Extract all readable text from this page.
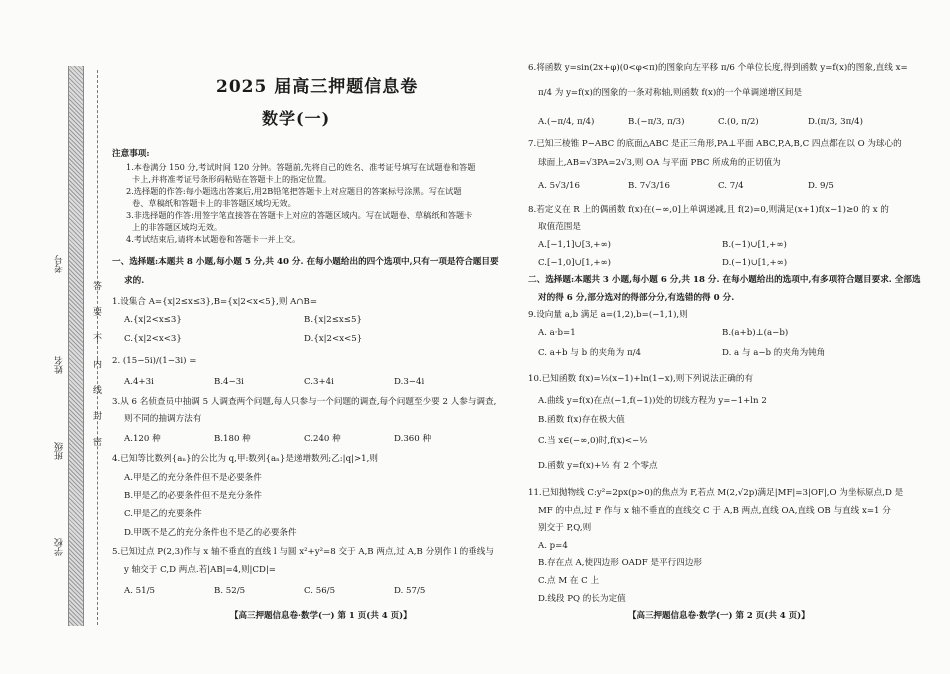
考号
姓名
班级
学校
答
要
不
内
线
封
密
2025 届高三押题信息卷
数学(一)
注意事项:
1.本卷满分 150 分,考试时间 120 分钟。答题前,先将自己的姓名、准考证号填写在试题卷和答题
卡上,并将准考证号条形码粘贴在答题卡上的指定位置。
2.选择题的作答:每小题选出答案后,用2B铅笔把答题卡上对应题目的答案标号涂黑。写在试题
卷、草稿纸和答题卡上的非答题区域均无效。
3.非选择题的作答:用签字笔直接答在答题卡上对应的答题区域内。写在试题卷、草稿纸和答题卡
上的非答题区域均无效。
4.考试结束后,请将本试题卷和答题卡一并上交。
一、选择题:本题共 8 小题,每小题 5 分,共 40 分. 在每小题给出的四个选项中,只有一项是符合题目要
求的.
1.设集合 A={x|2≤x≤3},B={x|2<x<5},则 A∩B=
A.{x|2<x≤3}	B.{x|2≤x≤5}
C.{x|2<x<3}	D.{x|2<x<5}
2. (15−5i)/(1−3i) =
A.4+3i	B.4−3i	C.3+4i	D.3−4i
3.从 6 名侦查员中抽调 5 人调查两个问题,每人只参与一个问题的调查,每个问题至少要 2 人参与调查,
则不同的抽调方法有
A.120 种	B.180 种	C.240 种	D.360 种
4.已知等比数列{aₙ}的公比为 q,甲:数列{aₙ}是递增数列;乙:|q|>1,则
A.甲是乙的充分条件但不是必要条件
B.甲是乙的必要条件但不是充分条件
C.甲是乙的充要条件
D.甲既不是乙的充分条件也不是乙的必要条件
5.已知过点 P(2,3)作与 x 轴不垂直的直线 l 与圆 x²+y²=8 交于 A,B 两点,过 A,B 分别作 l 的垂线与
y 轴交于 C,D 两点.若|AB|=4,则|CD|=
A. 51/5	B. 52/5	C. 56/5	D. 57/5
【高三押题信息卷·数学(一) 第 1 页(共 4 页)】
6.将函数 y=sin(2x+φ)(0<φ<π)的图象向左平移 π/6 个单位长度,得到函数 y=f(x)的图象,直线 x=
π/4 为 y=f(x)的图象的一条对称轴,则函数 f(x)的一个单调递增区间是
A.(−π/4, π/4)	B.(−π/3, π/3)	C.(0, π/2)	D.(π/3, 3π/4)
7.已知三棱锥 P−ABC 的底面△ABC 是正三角形,PA⊥平面 ABC,P,A,B,C 四点都在以 O 为球心的
球面上,AB=√3PA=2√3,则 OA 与平面 PBC 所成角的正切值为
A. 5√3/16	B. 7√3/16	C. 7/4	D. 9/5
8.若定义在 R 上的偶函数 f(x)在(−∞,0]上单调递减,且 f(2)=0,则满足(x+1)f(x−1)≥0 的 x 的
取值范围是
A.[−1,1]∪[3,+∞)	B.(−1)∪[1,+∞)
C.[−1,0]∪[1,+∞)	D.(−1)∪[1,+∞)
二、选择题:本题共 3 小题,每小题 6 分,共 18 分. 在每小题给出的选项中,有多项符合题目要求. 全部选
对的得 6 分,部分选对的得部分分,有选错的得 0 分.
9.设向量 a,b 满足 a=(1,2),b=(−1,1),则
A. a·b=1	B.(a+b)⊥(a−b)
C. a+b 与 b 的夹角为 π/4	D. a 与 a−b 的夹角为钝角
10.已知函数 f(x)=½(x−1)+ln(1−x),则下列说法正确的有
A.曲线 y=f(x)在点(−1,f(−1))处的切线方程为 y=−1+ln 2
B.函数 f(x)存在极大值
C.当 x∈(−∞,0)时,f(x)<−½
D.函数 y=f(x)+½ 有 2 个零点
11.已知抛物线 C:y²=2px(p>0)的焦点为 F,若点 M(2,√2p)满足|MF|=3|OF|,O 为坐标原点,D 是
MF 的中点,过 F 作与 x 轴不垂直的直线交 C 于 A,B 两点,直线 OA,直线 OB 与直线 x=1 分
别交于 P,Q,则
A. p=4
B.存在点 A,使四边形 OADF 是平行四边形
C.点 M 在 C 上
D.线段 PQ 的长为定值
【高三押题信息卷·数学(一) 第 2 页(共 4 页)】
